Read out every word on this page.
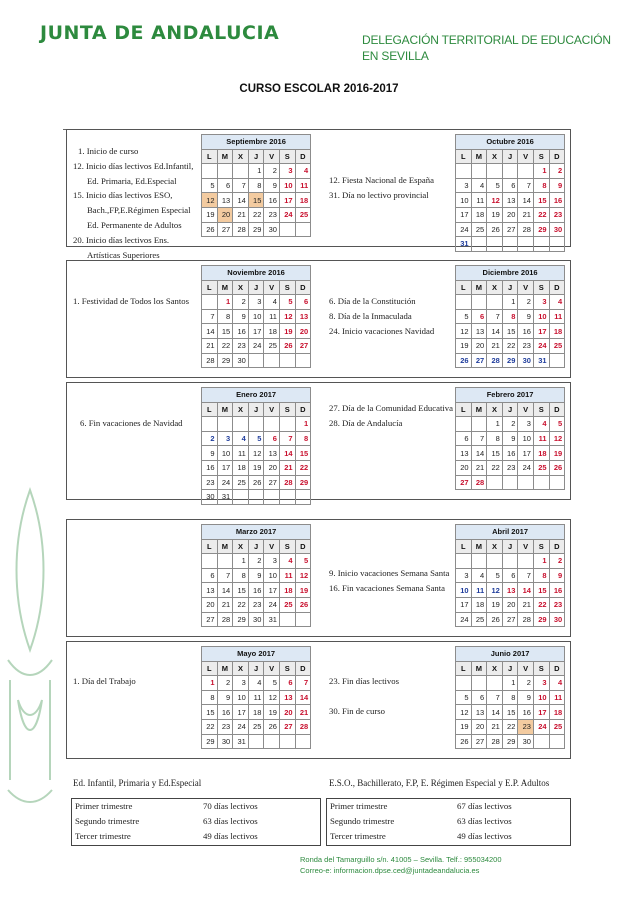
JUNTA DE ANDALUCIA	DELEGACIÓN TERRITORIAL DE EDUCACIÓN
EN SEVILLA
CURSO ESCOLAR 2016-2017
1. Inicio de curso
12. Inicio días lectivos Ed.Infantil,
Ed. Primaria, Ed.Especial
15. Inicio días lectivos ESO,
Bach.,FP,E.Régimen Especial
Ed. Permanente de Adultos
20. Inicio días lectivos Ens.
Artísticas Superiores
12. Fiesta Nacional de España
31. Día no lectivo provincial
1. Festividad de Todos los Santos	6. Día de la Constitución
8. Día de la Inmaculada
24. Inicio vacaciones Navidad
6. Fin vacaciones de Navidad
27. Día de la Comunidad Educativa
28. Día de Andalucía
9. Inicio vacaciones Semana Santa
16. Fin vacaciones Semana Santa
1. Día del Trabajo	23. Fin días lectivos
30. Fin de curso
Septiembre 2016						
L	M	X	J	V	S	D
			1	2	3	4
5	6	7	8	9	10	11
12	13	14	15	16	17	18
19	20	21	22	23	24	25
26	27	28	29	30		
Octubre 2016						
L	M	X	J	V	S	D
					1	2
3	4	5	6	7	8	9
10	11	12	13	14	15	16
17	18	19	20	21	22	23
24	25	26	27	28	29	30
31						
Noviembre 2016						
L	M	X	J	V	S	D
	1	2	3	4	5	6
7	8	9	10	11	12	13
14	15	16	17	18	19	20
21	22	23	24	25	26	27
28	29	30				
Diciembre 2016						
L	M	X	J	V	S	D
			1	2	3	4
5	6	7	8	9	10	11
12	13	14	15	16	17	18
19	20	21	22	23	24	25
26	27	28	29	30	31	
Enero 2017						
L	M	X	J	V	S	D
						1
2	3	4	5	6	7	8
9	10	11	12	13	14	15
16	17	18	19	20	21	22
23	24	25	26	27	28	29
30	31					
Febrero 2017						
L	M	X	J	V	S	D
		1	2	3	4	5
6	7	8	9	10	11	12
13	14	15	16	17	18	19
20	21	22	23	24	25	26
27	28					
Marzo 2017						
L	M	X	J	V	S	D
		1	2	3	4	5
6	7	8	9	10	11	12
13	14	15	16	17	18	19
20	21	22	23	24	25	26
27	28	29	30	31		
Abril 2017						
L	M	X	J	V	S	D
					1	2
3	4	5	6	7	8	9
10	11	12	13	14	15	16
17	18	19	20	21	22	23
24	25	26	27	28	29	30
Mayo 2017						
L	M	X	J	V	S	D
1	2	3	4	5	6	7
8	9	10	11	12	13	14
15	16	17	18	19	20	21
22	23	24	25	26	27	28
29	30	31				
Junio 2017						
L	M	X	J	V	S	D
			1	2	3	4
5	6	7	8	9	10	11
12	13	14	15	16	17	18
19	20	21	22	23	24	25
26	27	28	29	30		
Ed. Infantil, Primaria y Ed.Especial	E.S.O., Bachillerato, F.P, E. Régimen Especial y E.P. Adultos
Primer trimestre	70 días lectivos
Segundo trimestre	63 días lectivos
Tercer trimestre	49 días lectivos
Primer trimestre	67 días lectivos
Segundo trimestre	63 días lectivos
Tercer trimestre	49 días lectivos
Ronda del Tamarguillo s/n. 41005 – Sevilla. Telf.: 955034200
Correo-e: informacion.dpse.ced@juntadeandalucia.es
